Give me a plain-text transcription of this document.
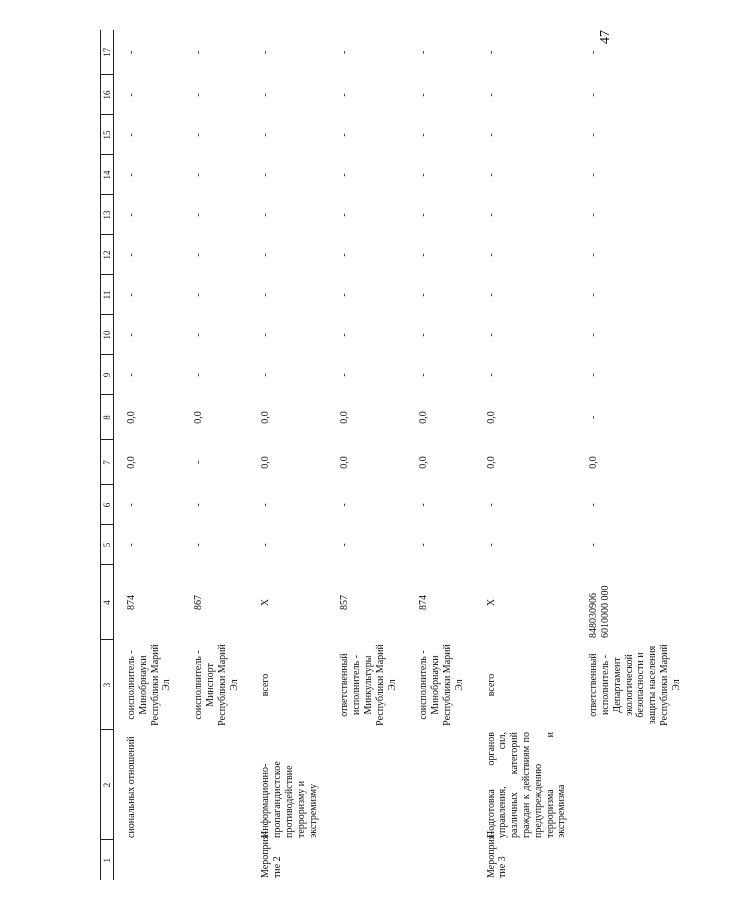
47
1	2	3	4	5	6	7	8	9	10	11	12	13	14	15	16	17
	сиональных отношений	соисполнитель - Минобрнауки Республики Марий Эл	874	-	-	0,0	0,0	-	-	-	-	-	-	-	-	-
		соисполнитель - Минспорт Республики Марий Эл	867	-	-	-	0,0	-	-	-	-	-	-	-	-	-
Мероприя-тие 2	Информационно-пропагандистское противодействие терроризму и экстремизму	всего	Х	-	-	0,0	0,0	-	-	-	-	-	-	-	-	-
		ответственный исполнитель - Минкультуры Республики Марий Эл	857	-	-	0,0	0,0	-	-	-	-	-	-	-	-	-
		соисполнитель - Минобрнауки Республики Марий Эл	874	-	-	0,0	0,0	-	-	-	-	-	-	-	-	-
Мероприя-тие 3	Подготовка органов управления, сил, различных категорий граждан к действиям по предупреждению терроризма и экстремизма	всего	Х	-	-	0,0	0,0	-	-	-	-	-	-	-	-	-
		ответственный исполнитель - Департамент экологической безопасности и защиты населения Республики Марий Эл	848030906 6010000 000	-	-	0,0	-	-	-	-	-	-	-	-	-	-
